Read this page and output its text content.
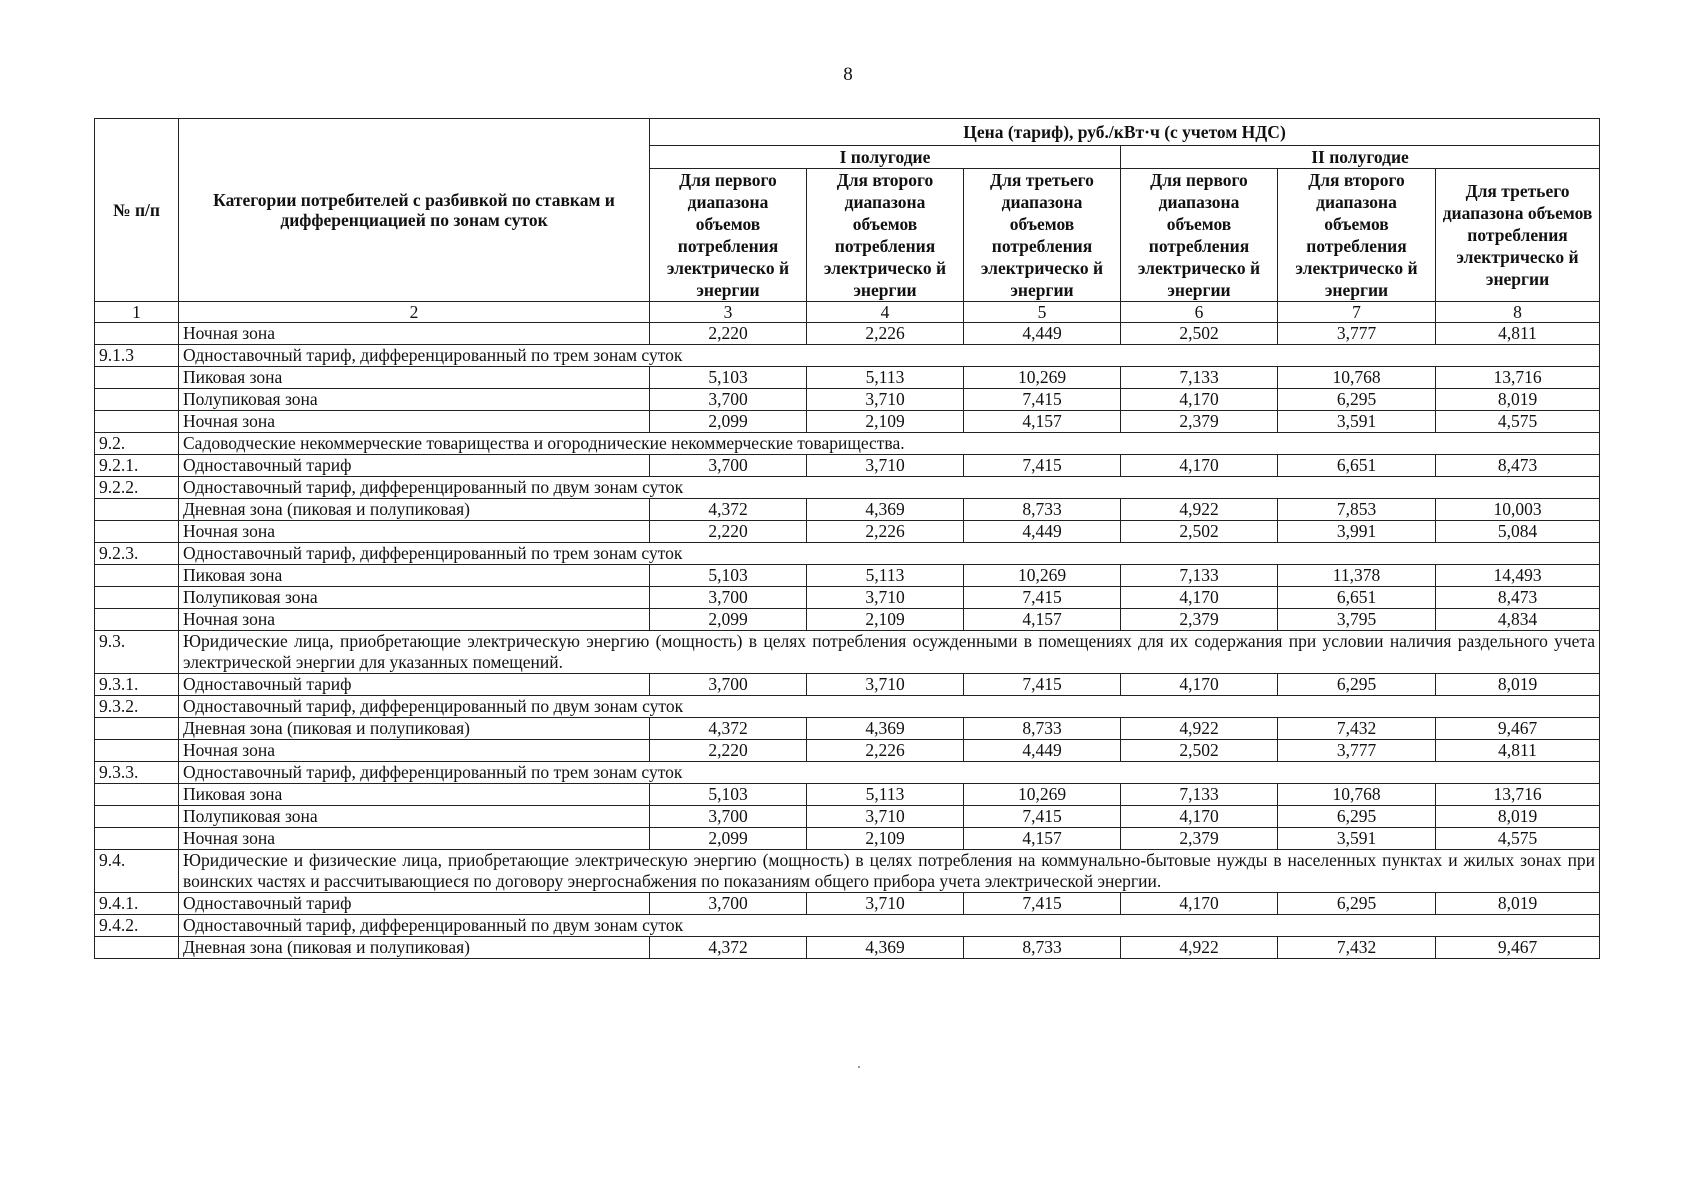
8
№ п/п	Категории потребителей с разбивкой по ставкам и дифференциацией по зонам суток	Цена (тариф), руб./кВт·ч (с учетом НДС)					
		I полугодие			II полугодие		
		Для первого диапазона объемов потребления электрическо й энергии	Для второго диапазона объемов потребления электрическо й энергии	Для третьего диапазона объемов потребления электрическо й энергии	Для первого диапазона объемов потребления электрическо й энергии	Для второго диапазона объемов потребления электрическо й энергии	Для третьего диапазона объемов потребления электрическо й энергии
1	2	3	4	5	6	7	8
	Ночная зона	2,220	2,226	4,449	2,502	3,777	4,811
9.1.3	Одноставочный тариф, дифференцированный по трем зонам суток						
	Пиковая зона	5,103	5,113	10,269	7,133	10,768	13,716
	Полупиковая зона	3,700	3,710	7,415	4,170	6,295	8,019
	Ночная зона	2,099	2,109	4,157	2,379	3,591	4,575
9.2.	Садоводческие некоммерческие товарищества и огороднические некоммерческие товарищества.						
9.2.1.	Одноставочный тариф	3,700	3,710	7,415	4,170	6,651	8,473
9.2.2.	Одноставочный тариф, дифференцированный по двум зонам суток						
	Дневная зона (пиковая и полупиковая)	4,372	4,369	8,733	4,922	7,853	10,003
	Ночная зона	2,220	2,226	4,449	2,502	3,991	5,084
9.2.3.	Одноставочный тариф, дифференцированный по трем зонам суток						
	Пиковая зона	5,103	5,113	10,269	7,133	11,378	14,493
	Полупиковая зона	3,700	3,710	7,415	4,170	6,651	8,473
	Ночная зона	2,099	2,109	4,157	2,379	3,795	4,834
9.3.	Юридические лица, приобретающие электрическую энергию (мощность) в целях потребления осужденными в помещениях для их содержания при условии наличия раздельного учета электрической энергии для указанных помещений.						
9.3.1.	Одноставочный тариф	3,700	3,710	7,415	4,170	6,295	8,019
9.3.2.	Одноставочный тариф, дифференцированный по двум зонам суток						
	Дневная зона (пиковая и полупиковая)	4,372	4,369	8,733	4,922	7,432	9,467
	Ночная зона	2,220	2,226	4,449	2,502	3,777	4,811
9.3.3.	Одноставочный тариф, дифференцированный по трем зонам суток						
	Пиковая зона	5,103	5,113	10,269	7,133	10,768	13,716
	Полупиковая зона	3,700	3,710	7,415	4,170	6,295	8,019
	Ночная зона	2,099	2,109	4,157	2,379	3,591	4,575
9.4.	Юридические и физические лица, приобретающие электрическую энергию (мощность) в целях потребления на коммунально-бытовые нужды в населенных пунктах и жилых зонах при воинских частях и рассчитывающиеся по договору энергоснабжения по показаниям общего прибора учета электрической энергии.						
9.4.1.	Одноставочный тариф	3,700	3,710	7,415	4,170	6,295	8,019
9.4.2.	Одноставочный тариф, дифференцированный по двум зонам суток						
	Дневная зона (пиковая и полупиковая)	4,372	4,369	8,733	4,922	7,432	9,467
